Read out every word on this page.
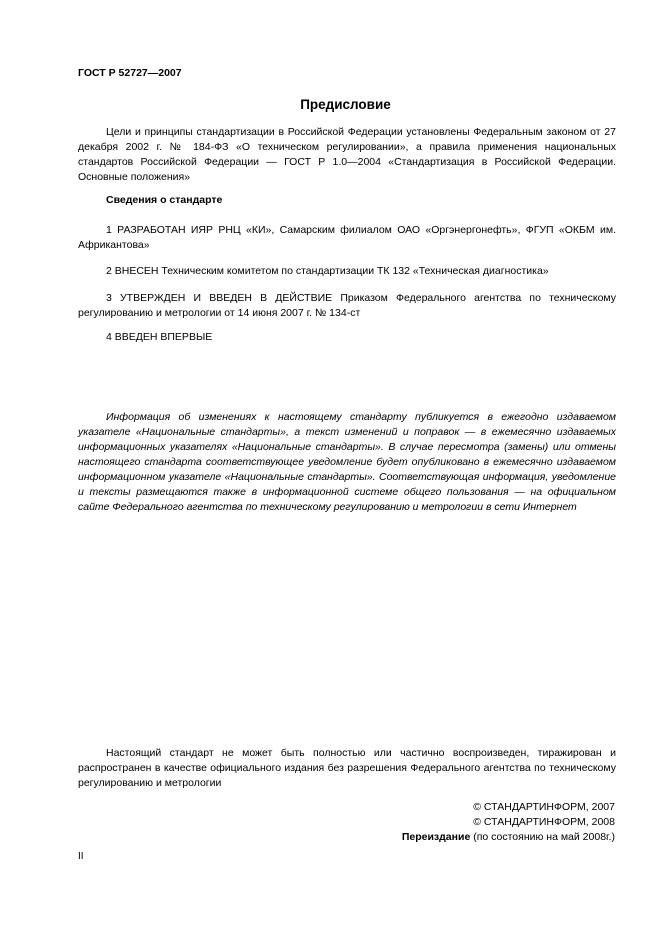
ГОСТ Р 52727—2007
Предисловие
Цели и принципы стандартизации в Российской Федерации установлены Федеральным законом от 27 декабря 2002 г. № 184-ФЗ «О техническом регулировании», а правила применения национальных стандартов Российской Федерации — ГОСТ Р 1.0—2004 «Стандартизация в Российской Федерации. Основные положения»
Сведения о стандарте
1 РАЗРАБОТАН ИЯР РНЦ «КИ», Самарским филиалом ОАО «Оргэнергонефть», ФГУП «ОКБМ им. Африкантова»
2 ВНЕСЕН Техническим комитетом по стандартизации ТК 132 «Техническая диагностика»
3 УТВЕРЖДЕН И ВВЕДЕН В ДЕЙСТВИЕ Приказом Федерального агентства по техническому регулированию и метрологии от 14 июня 2007 г. № 134-ст
4 ВВЕДЕН ВПЕРВЫЕ
Информация об изменениях к настоящему стандарту публикуется в ежегодно издаваемом указателе «Национальные стандарты», а текст изменений и поправок — в ежемесячно издаваемых информационных указателях «Национальные стандарты». В случае пересмотра (замены) или отмены настоящего стандарта соответствующее уведомление будет опубликовано в ежемесячно издаваемом информационном указателе «Национальные стандарты». Соответствующая информация, уведомление и тексты размещаются также в информационной системе общего пользования — на официальном сайте Федерального агентства по техническому регулированию и метрологии в сети Интернет
Настоящий стандарт не может быть полностью или частично воспроизведен, тиражирован и распространен в качестве официального издания без разрешения Федерального агентства по техническому регулированию и метрологии
© СТАНДАРТИНФОРМ, 2007
© СТАНДАРТИНФОРМ, 2008
Переиздание (по состоянию на май 2008г.)
II
